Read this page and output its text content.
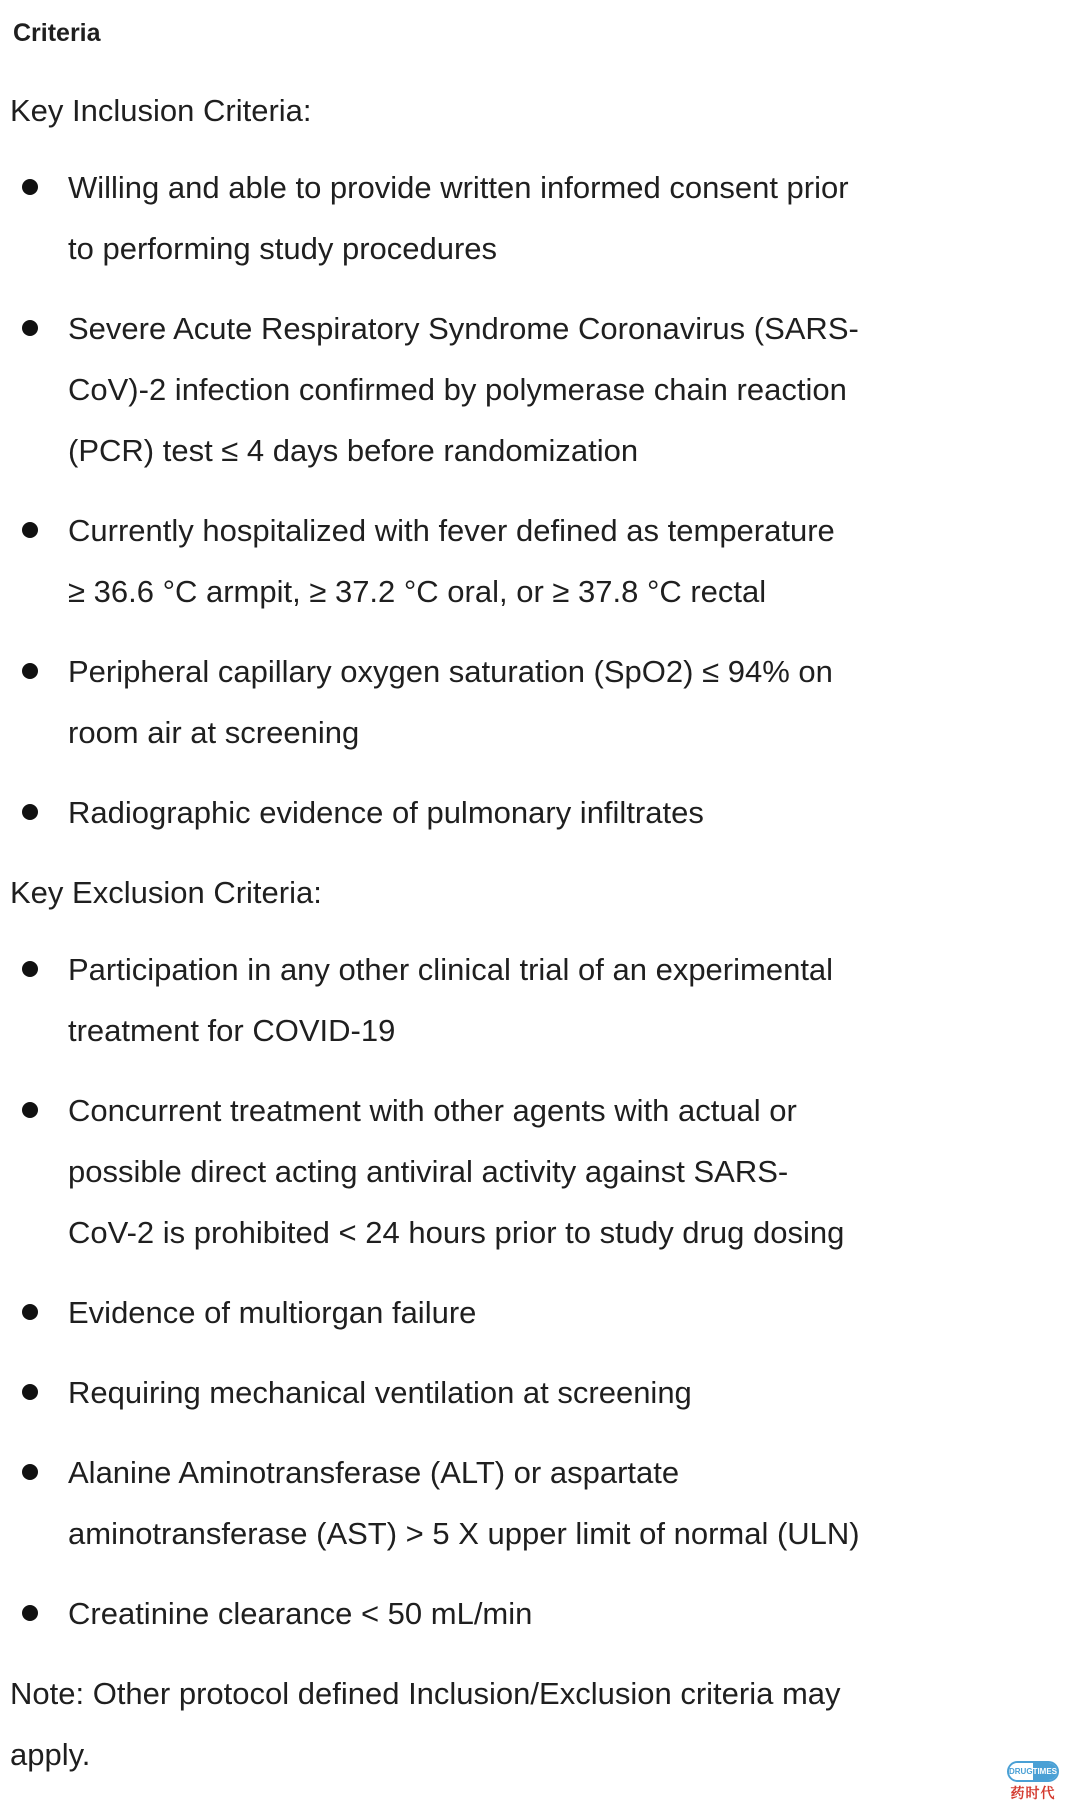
Criteria
Key Inclusion Criteria:
Willing and able to provide written informed consent prior
to performing study procedures
Severe Acute Respiratory Syndrome Coronavirus (SARS-
CoV)-2 infection confirmed by polymerase chain reaction
(PCR) test ≤ 4 days before randomization
Currently hospitalized with fever defined as temperature
≥ 36.6 °C armpit, ≥ 37.2 °C oral, or ≥ 37.8 °C rectal
Peripheral capillary oxygen saturation (SpO2) ≤ 94% on
room air at screening
Radiographic evidence of pulmonary infiltrates
Key Exclusion Criteria:
Participation in any other clinical trial of an experimental
treatment for COVID-19
Concurrent treatment with other agents with actual or
possible direct acting antiviral activity against SARS-
CoV-2 is prohibited < 24 hours prior to study drug dosing
Evidence of multiorgan failure
Requiring mechanical ventilation at screening
Alanine Aminotransferase (ALT) or aspartate
aminotransferase (AST) > 5 X upper limit of normal (ULN)
Creatinine clearance < 50 mL/min

Note: Other protocol defined Inclusion/Exclusion criteria may
apply.	DRUG TIMES
药时代
